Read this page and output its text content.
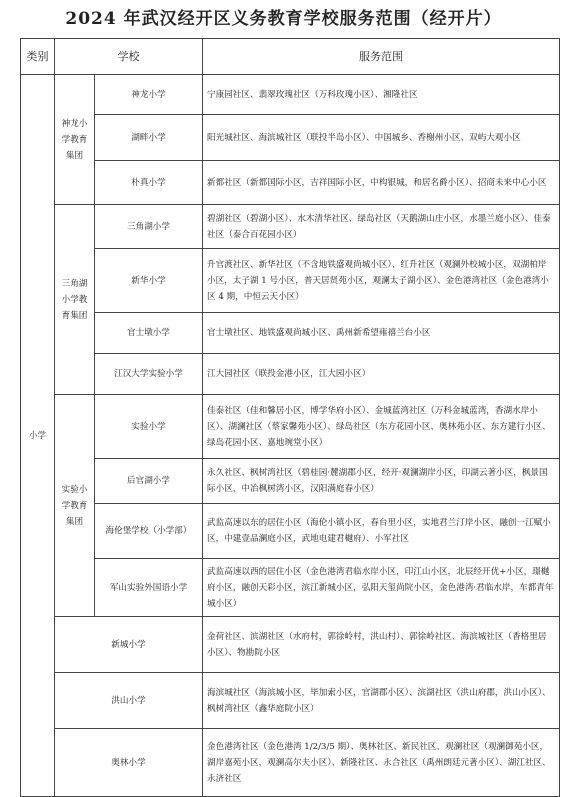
2024 年武汉经开区义务教育学校服务范围（经开片）
类别	学校		服务范围
小学	神龙小学教育集团	神龙小学	宁康园社区、翡翠玫瑰社区（万科玫瑰小区）、湘隆社区
		湖畔小学	阳光城社区、海滨城社区（联投半岛小区）、中国城乡、香榭州小区、双屿大观小区
		朴真小学	新都社区（新都国际小区，吉祥国际小区，中构银城，和居名爵小区）、招商未来中心小区
	三角湖小学教育集团	三角湖小学	碧湖社区（碧湖小区）、水木清华社区、绿岛社区（天鹅湖山庄小区，水墨兰庭小区）、佳泰社区（泰合百花园小区）
		新华小学	升官渡社区、新华社区（不含地铁盛观尚城小区）、红升社区（观澜外校城小区，双湖柏岸小区，太子湖 1 号小区，普天居贤苑小区，观澜太子湖小区）、金色港湾社区（金色港湾小区 4 期，中恒云天小区）
		官士墩小学	官士墩社区、地铁盛观尚城小区、禹州新希望雍禧兰台小区
		江汉大学实验小学	江大园社区（联投金港小区，江大园小区）
	实验小学教育集团	实验小学	佳泰社区（佳和馨居小区，博学华府小区）、金城蓝湾社区（万科金城蓝湾，香湖水岸小区）、湖澜社区（蔡家馨苑小区）、绿岛社区（东方花园小区、奥林苑小区、东方建行小区、绿岛花园小区、嘉地琬堂小区）
		后官湖小学	永久社区、枫树湾社区（碧桂园·麓湖郡小区，经开·观澜湖岸小区，印湖云著小区，枫景国际小区，中冶枫树湾小区，汉阳满庭春小区）
		海伦堡学校（小学部）	武监高速以东的居住小区（海伦小镇小区，春台里小区，实地君兰汀岸小区，融创一江赋小区，中建壹品澜庭小区，武地电建君樾府）、小军社区
		军山实验外国语小学	武监高速以西的居住小区（金色港湾君临水岸小区，印江山小区，北辰经开优+小区，璟樾府小区，融创天彩小区，滨江新城小区，弘阳天玺尚院小区，金色港湾·君临水岸，车都青年城小区）
	新城小学		金荷社区、滨湖社区（水府村，郭徐岭村，洪山村）、郭徐岭社区、海滨城社区（香格里居小区）、物勘院小区
	洪山小学		海滨城社区（海滨城小区，毕加索小区，官湖郡小区）、滨湖社区（洪山府郡，洪山小区）、枫树湾社区（鑫华庭院小区）
	奥林小学		金色港湾社区（金色港湾 1/2/3/5 期）、奥林社区、新民社区、观澜社区（观澜御苑小区，湖岸嘉苑小区，观澜高尔夫小区）、新隆社区、永合社区（禹州朗廷元著小区）、湖江社区、永济社区
